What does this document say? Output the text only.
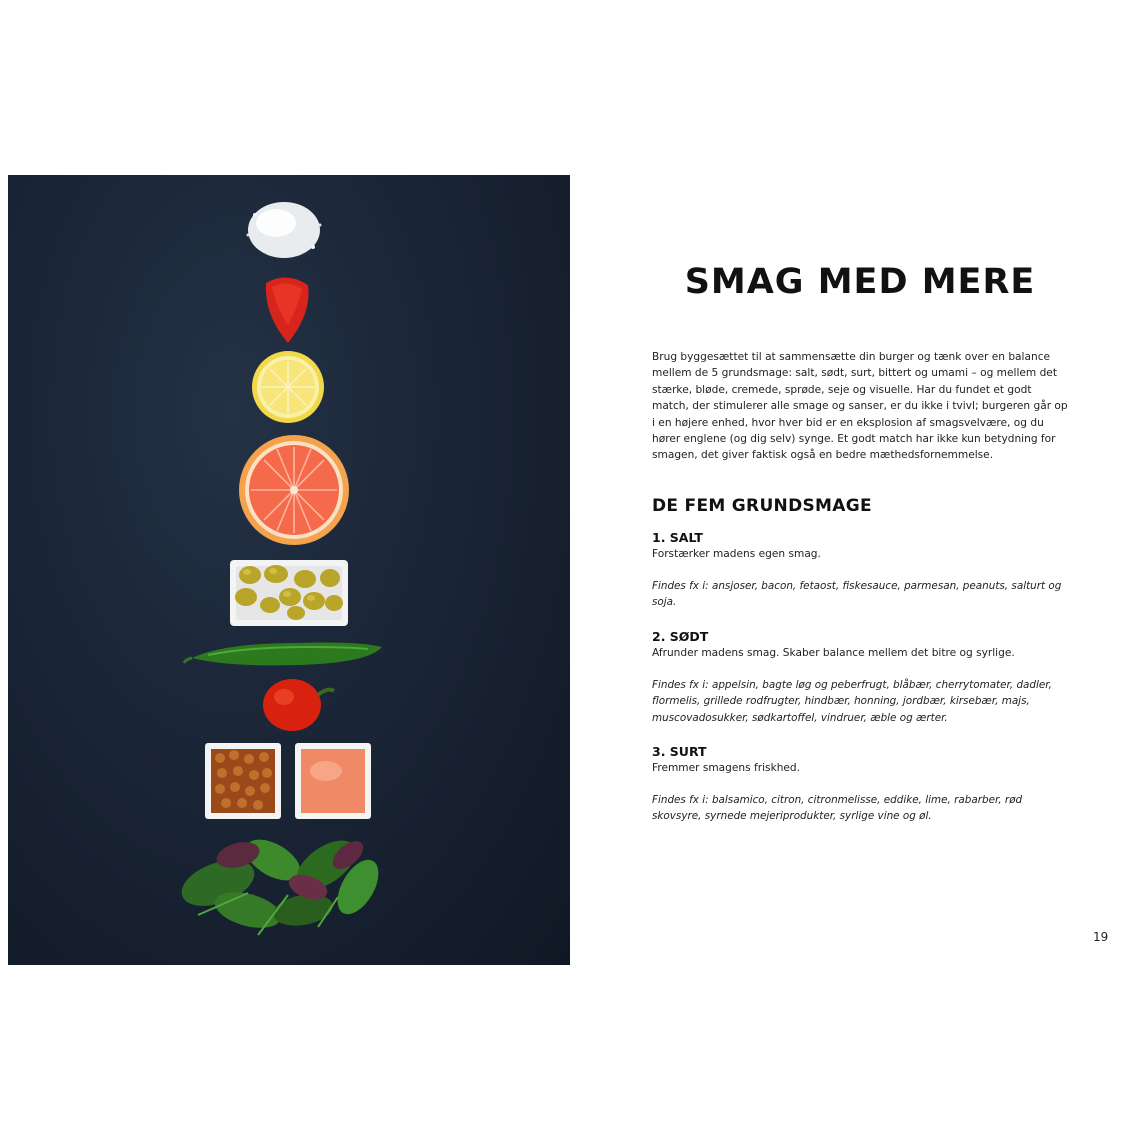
SMAG MED MERE
Brug byggesættet til at sammensætte din burger og tænk over en balance mellem de 5 grundsmage: salt, sødt, surt, bittert og umami – og mellem det stærke, bløde, cremede, sprøde, seje og visuelle. Har du fundet et godt match, der stimulerer alle smage og sanser, er du ikke i tvivl; burgeren går op i en højere enhed, hvor hver bid er en eksplosion af smagsvelvære, og du hører englene (og dig selv) synge. Et godt match har ikke kun betydning for smagen, det giver faktisk også en bedre mæthedsfornemmelse.
DE FEM GRUNDSMAGE
1. SALT
Forstærker madens egen smag.
Findes fx i: ansjoser, bacon, fetaost, fiskesauce, parmesan, peanuts, salturt og soja.
2. SØDT
Afrunder madens smag. Skaber balance mellem det bitre og syrlige.
Findes fx i: appelsin, bagte løg og peberfrugt, blåbær, cherrytomater, dadler, flormelis, grillede rodfrugter, hindbær, honning, jordbær, kirsebær, majs, muscovadosukker, sødkartoffel, vindruer, æble og ærter.
3. SURT
Fremmer smagens friskhed.
Findes fx i: balsamico, citron, citronmelisse, eddike, lime, rabarber, rød skovsyre, syrnede mejeriprodukter, syrlige vine og øl.
19
